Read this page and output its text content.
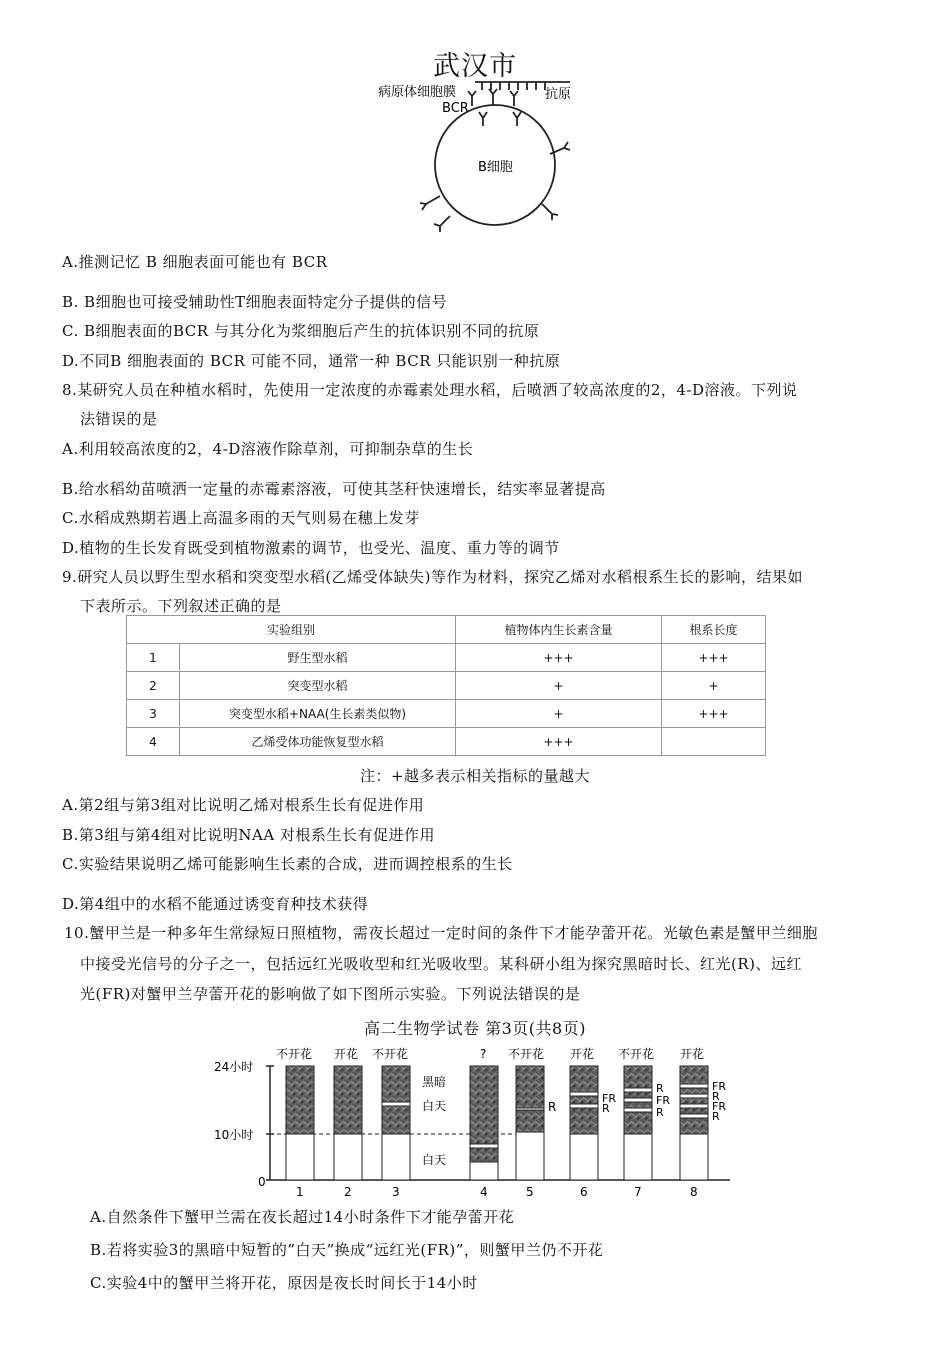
武汉市
病原体细胞膜
BCR
抗原
B细胞
A.推测记忆 B 细胞表面可能也有 BCR
B. B细胞也可接受辅助性T细胞表面特定分子提供的信号
C. B细胞表面的BCR 与其分化为浆细胞后产生的抗体识别不同的抗原
D.不同B 细胞表面的 BCR 可能不同，通常一种 BCR 只能识别一种抗原
8.某研究人员在种植水稻时，先使用一定浓度的赤霉素处理水稻，后喷洒了较高浓度的2，4-D溶液。下列说
法错误的是
A.利用较高浓度的2，4-D溶液作除草剂，可抑制杂草的生长
B.给水稻幼苗喷洒一定量的赤霉素溶液，可使其茎秆快速增长，结实率显著提高
C.水稻成熟期若遇上高温多雨的天气则易在穗上发芽
D.植物的生长发育既受到植物激素的调节，也受光、温度、重力等的调节
9.研究人员以野生型水稻和突变型水稻(乙烯受体缺失)等作为材料，探究乙烯对水稻根系生长的影响，结果如
下表所示。下列叙述正确的是
实验组别		植物体内生长素含量	根系长度
1	野生型水稻	+++	+++
2	突变型水稻	+	+
3	突变型水稻+NAA(生长素类似物)	+	+++
4	乙烯受体功能恢复型水稻	+++	
注：+越多表示相关指标的量越大
A.第2组与第3组对比说明乙烯对根系生长有促进作用
B.第3组与第4组对比说明NAA 对根系生长有促进作用
C.实验结果说明乙烯可能影响生长素的合成，进而调控根系的生长
D.第4组中的水稻不能通过诱变育种技术获得
10.蟹甲兰是一种多年生常绿短日照植物，需夜长超过一定时间的条件下才能孕蕾开花。光敏色素是蟹甲兰细胞
中接受光信号的分子之一，包括远红光吸收型和红光吸收型。某科研小组为探究黑暗时长、红光(R)、远红
光(FR)对蟹甲兰孕蕾开花的影响做了如下图所示实验。下列说法错误的是
高二生物学试卷 第3页(共8页)
24小时
10小时
0
不开花 开花 不开花	? 不开花 开花 不开花 开花
黑暗
白天
白天
R
FR
R
R
FR
R
FR
R
FR
R
1	2	3	4	5	6	7	8
A.自然条件下蟹甲兰需在夜长超过14小时条件下才能孕蕾开花
B.若将实验3的黑暗中短暂的”白天”换成“远红光(FR)”，则蟹甲兰仍不开花
C.实验4中的蟹甲兰将开花，原因是夜长时间长于14小时
